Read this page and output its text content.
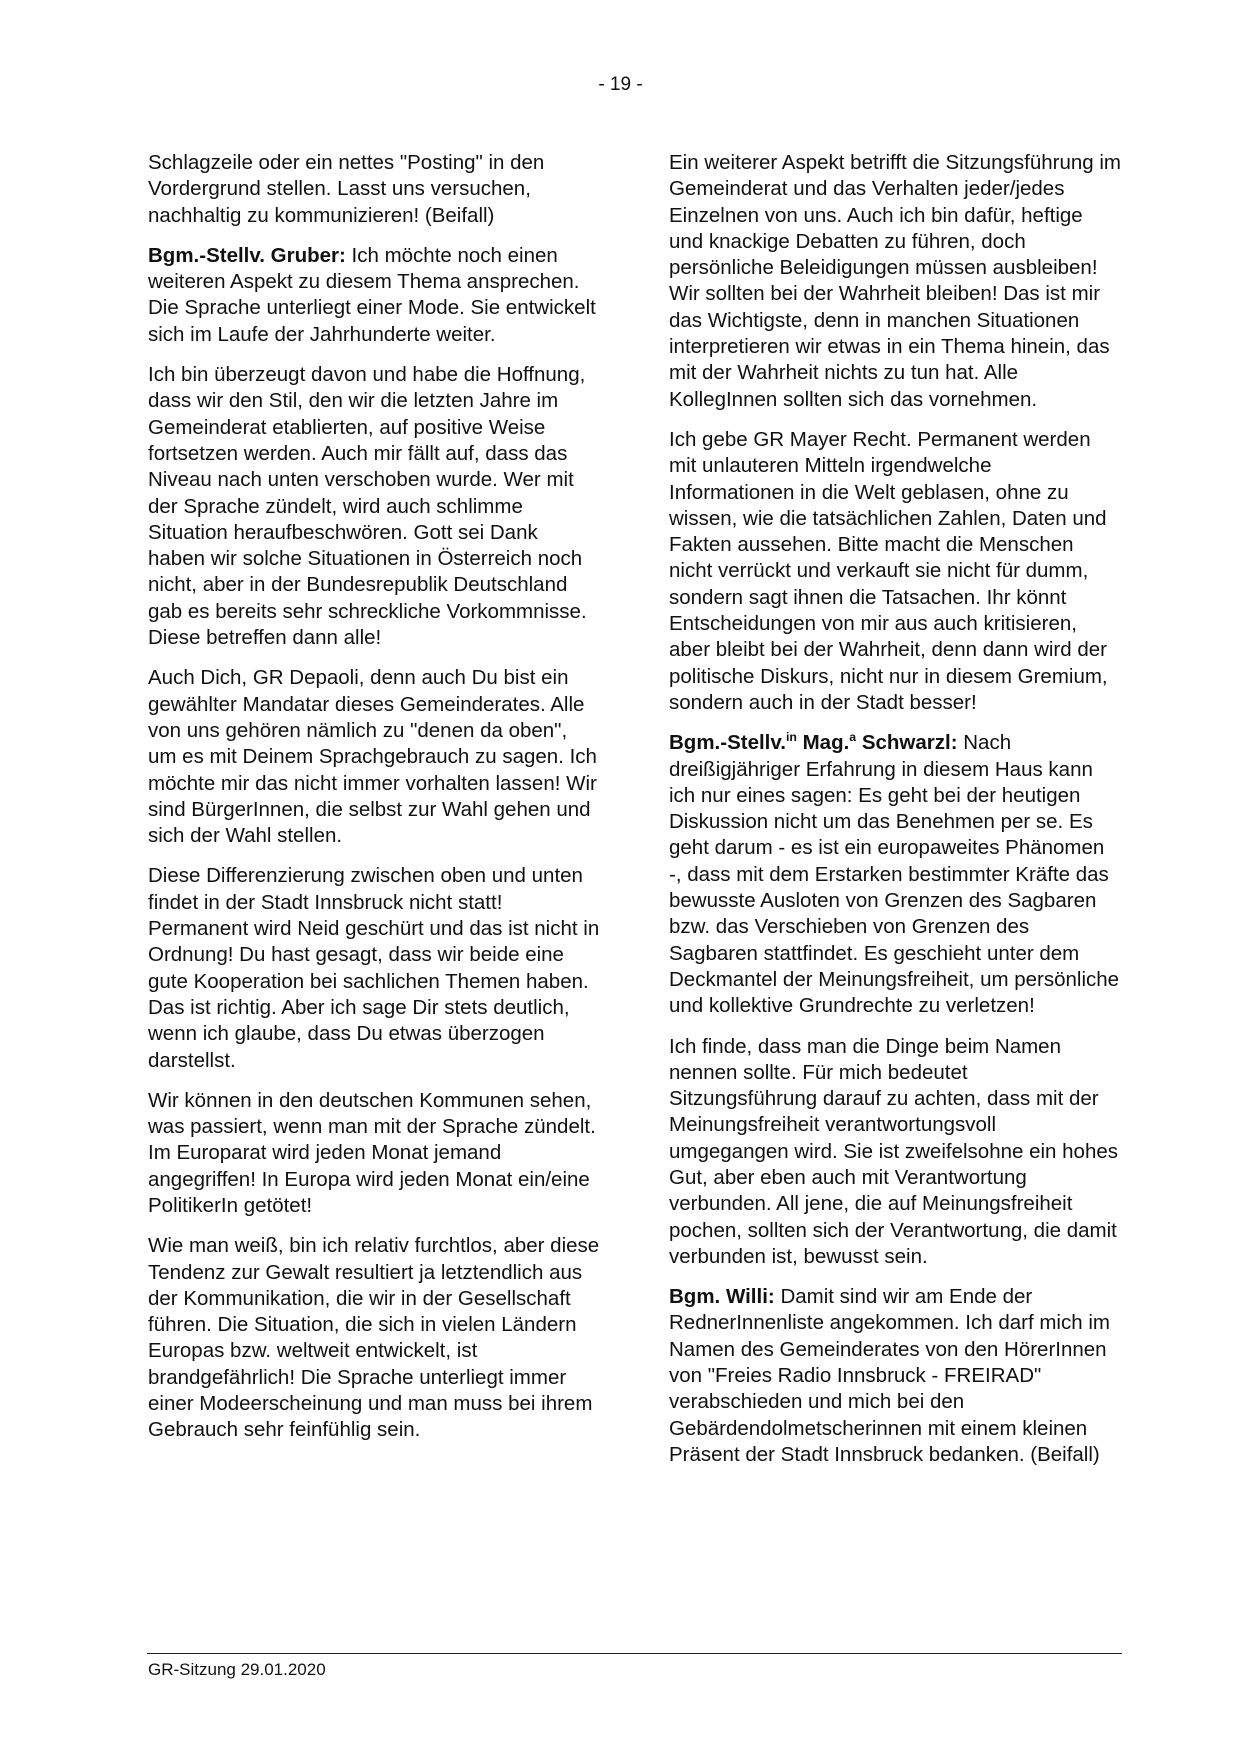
- 19 -

Schlagzeile oder ein nettes "Posting" in den Vordergrund stellen. Lasst uns versuchen, nachhaltig zu kommunizieren! (Beifall)

Bgm.-Stellv. Gruber: Ich möchte noch einen weiteren Aspekt zu diesem Thema ansprechen. Die Sprache unterliegt einer Mode. Sie entwickelt sich im Laufe der Jahrhunderte weiter.

Ich bin überzeugt davon und habe die Hoffnung, dass wir den Stil, den wir die letzten Jahre im Gemeinderat etablierten, auf positive Weise fortsetzen werden. Auch mir fällt auf, dass das Niveau nach unten verschoben wurde. Wer mit der Sprache zündelt, wird auch schlimme Situation heraufbeschwören. Gott sei Dank haben wir solche Situationen in Österreich noch nicht, aber in der Bundesrepublik Deutschland gab es bereits sehr schreckliche Vorkommnisse. Diese betreffen dann alle!

Auch Dich, GR Depaoli, denn auch Du bist ein gewählter Mandatar dieses Gemeinderates. Alle von uns gehören nämlich zu "denen da oben", um es mit Deinem Sprachgebrauch zu sagen. Ich möchte mir das nicht immer vorhalten lassen! Wir sind BürgerInnen, die selbst zur Wahl gehen und sich der Wahl stellen.

Diese Differenzierung zwischen oben und unten findet in der Stadt Innsbruck nicht statt! Permanent wird Neid geschürt und das ist nicht in Ordnung! Du hast gesagt, dass wir beide eine gute Kooperation bei sachlichen Themen haben. Das ist richtig. Aber ich sage Dir stets deutlich, wenn ich glaube, dass Du etwas überzogen darstellst.

Wir können in den deutschen Kommunen sehen, was passiert, wenn man mit der Sprache zündelt. Im Europarat wird jeden Monat jemand angegriffen! In Europa wird jeden Monat ein/eine PolitikerIn getötet!

Wie man weiß, bin ich relativ furchtlos, aber diese Tendenz zur Gewalt resultiert ja letztendlich aus der Kommunikation, die wir in der Gesellschaft führen. Die Situation, die sich in vielen Ländern Europas bzw. weltweit entwickelt, ist brandgefährlich! Die Sprache unterliegt immer einer Modeerscheinung und man muss bei ihrem Gebrauch sehr feinfühlig sein.

Ein weiterer Aspekt betrifft die Sitzungsführung im Gemeinderat und das Verhalten jeder/jedes Einzelnen von uns. Auch ich bin dafür, heftige und knackige Debatten zu führen, doch persönliche Beleidigungen müssen ausbleiben! Wir sollten bei der Wahrheit bleiben! Das ist mir das Wichtigste, denn in manchen Situationen interpretieren wir etwas in ein Thema hinein, das mit der Wahrheit nichts zu tun hat. Alle KollegInnen sollten sich das vornehmen.

Ich gebe GR Mayer Recht. Permanent werden mit unlauteren Mitteln irgendwelche Informationen in die Welt geblasen, ohne zu wissen, wie die tatsächlichen Zahlen, Daten und Fakten aussehen. Bitte macht die Menschen nicht verrückt und verkauft sie nicht für dumm, sondern sagt ihnen die Tatsachen. Ihr könnt Entscheidungen von mir aus auch kritisieren, aber bleibt bei der Wahrheit, denn dann wird der politische Diskurs, nicht nur in diesem Gremium, sondern auch in der Stadt besser!

Bgm.-Stellv.$^{in}$ Mag.$^a$ Schwarzl: Nach dreißigjähriger Erfahrung in diesem Haus kann ich nur eines sagen: Es geht bei der heutigen Diskussion nicht um das Benehmen per se. Es geht darum - es ist ein europaweites Phänomen -, dass mit dem Erstarken bestimmter Kräfte das bewusste Ausloten von Grenzen des Sagbaren bzw. das Verschieben von Grenzen des Sagbaren stattfindet. Es geschieht unter dem Deckmantel der Meinungsfreiheit, um persönliche und kollektive Grundrechte zu verletzen!

Ich finde, dass man die Dinge beim Namen nennen sollte. Für mich bedeutet Sitzungsführung darauf zu achten, dass mit der Meinungsfreiheit verantwortungsvoll umgegangen wird. Sie ist zweifelsohne ein hohes Gut, aber eben auch mit Verantwortung verbunden. All jene, die auf Meinungsfreiheit pochen, sollten sich der Verantwortung, die damit verbunden ist, bewusst sein.

Bgm. Willi: Damit sind wir am Ende der RednerInnenliste angekommen. Ich darf mich im Namen des Gemeinderates von den HörerInnen von "Freies Radio Innsbruck - FREIRAD" verabschieden und mich bei den Gebärdendolmetscherinnen mit einem kleinen Präsent der Stadt Innsbruck bedanken. (Beifall)

GR-Sitzung 29.01.2020
